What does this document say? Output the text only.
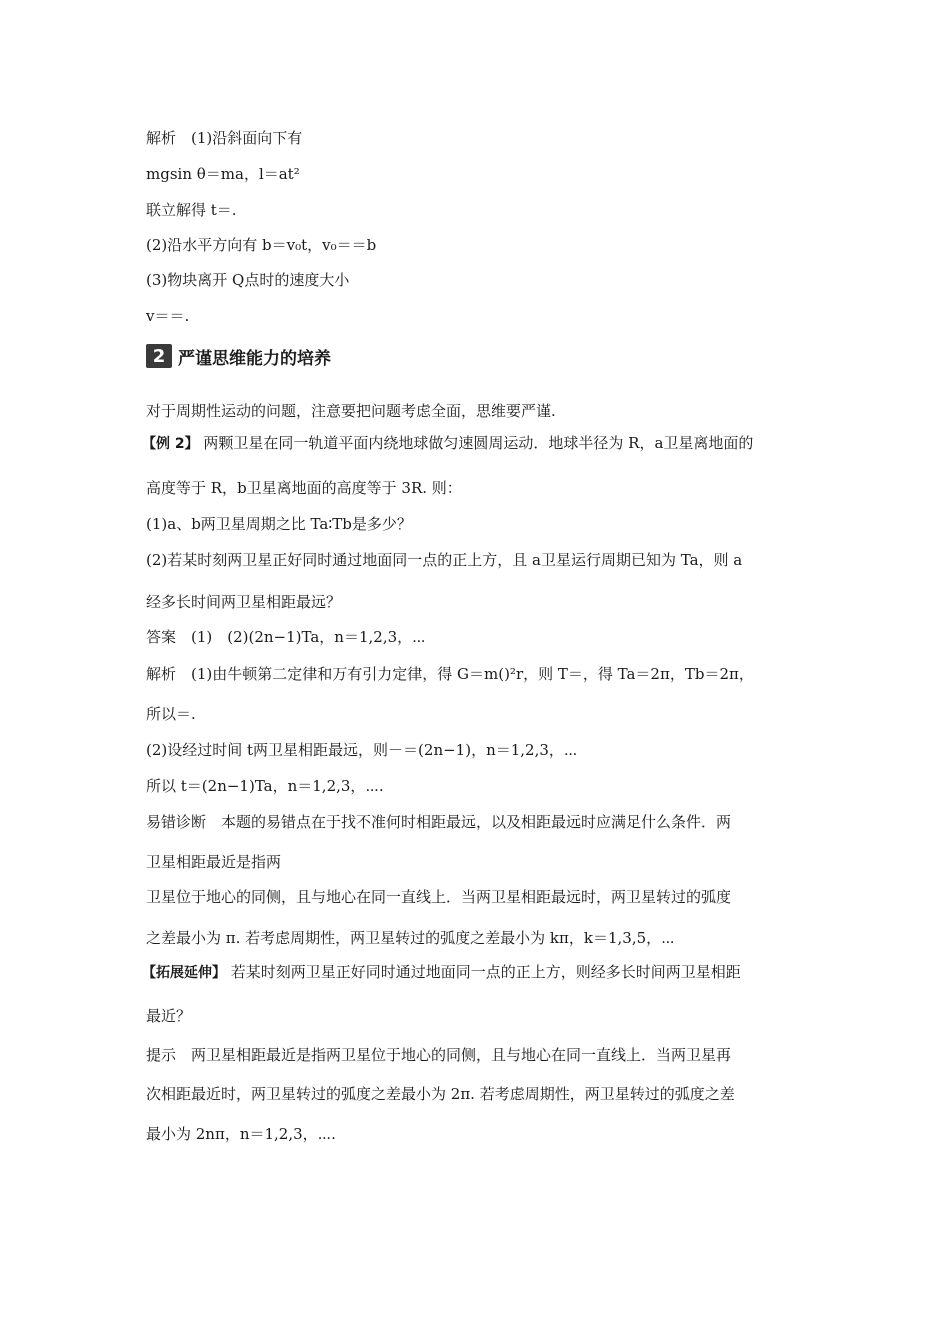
解析　(1)沿斜面向下有
mgsin θ＝ma，l＝at²
联立解得 t＝.
(2)沿水平方向有 b＝v₀t，v₀＝＝b
(3)物块离开 Q点时的速度大小
v＝＝.
2 严谨思维能力的培养
对于周期性运动的问题，注意要把问题考虑全面，思维要严谨.
【例 2】 两颗卫星在同一轨道平面内绕地球做匀速圆周运动．地球半径为 R，a卫星离地面的
高度等于 R，b卫星离地面的高度等于 3R. 则：
(1)a、b两卫星周期之比 Ta∶Tb是多少？
(2)若某时刻两卫星正好同时通过地面同一点的正上方，且 a卫星运行周期已知为 Ta，则 a
经多长时间两卫星相距最远？
答案　(1)　(2)(2n−1)Ta，n＝1,2,3，⋯
解析　(1)由牛顿第二定律和万有引力定律，得 G＝m()²r，则 T＝，得 Ta＝2π，Tb＝2π，
所以＝.
(2)设经过时间 t两卫星相距最远，则－＝(2n−1)，n＝1,2,3，⋯
所以 t＝(2n−1)Ta，n＝1,2,3，⋯.
易错诊断　本题的易错点在于找不准何时相距最远，以及相距最远时应满足什么条件．两
卫星相距最近是指两
卫星位于地心的同侧，且与地心在同一直线上．当两卫星相距最远时，两卫星转过的弧度
之差最小为 π. 若考虑周期性，两卫星转过的弧度之差最小为 kπ，k＝1,3,5，⋯
【拓展延伸】 若某时刻两卫星正好同时通过地面同一点的正上方，则经多长时间两卫星相距
最近？
提示　两卫星相距最近是指两卫星位于地心的同侧，且与地心在同一直线上．当两卫星再
次相距最近时，两卫星转过的弧度之差最小为 2π. 若考虑周期性，两卫星转过的弧度之差
最小为 2nπ，n＝1,2,3，⋯.
